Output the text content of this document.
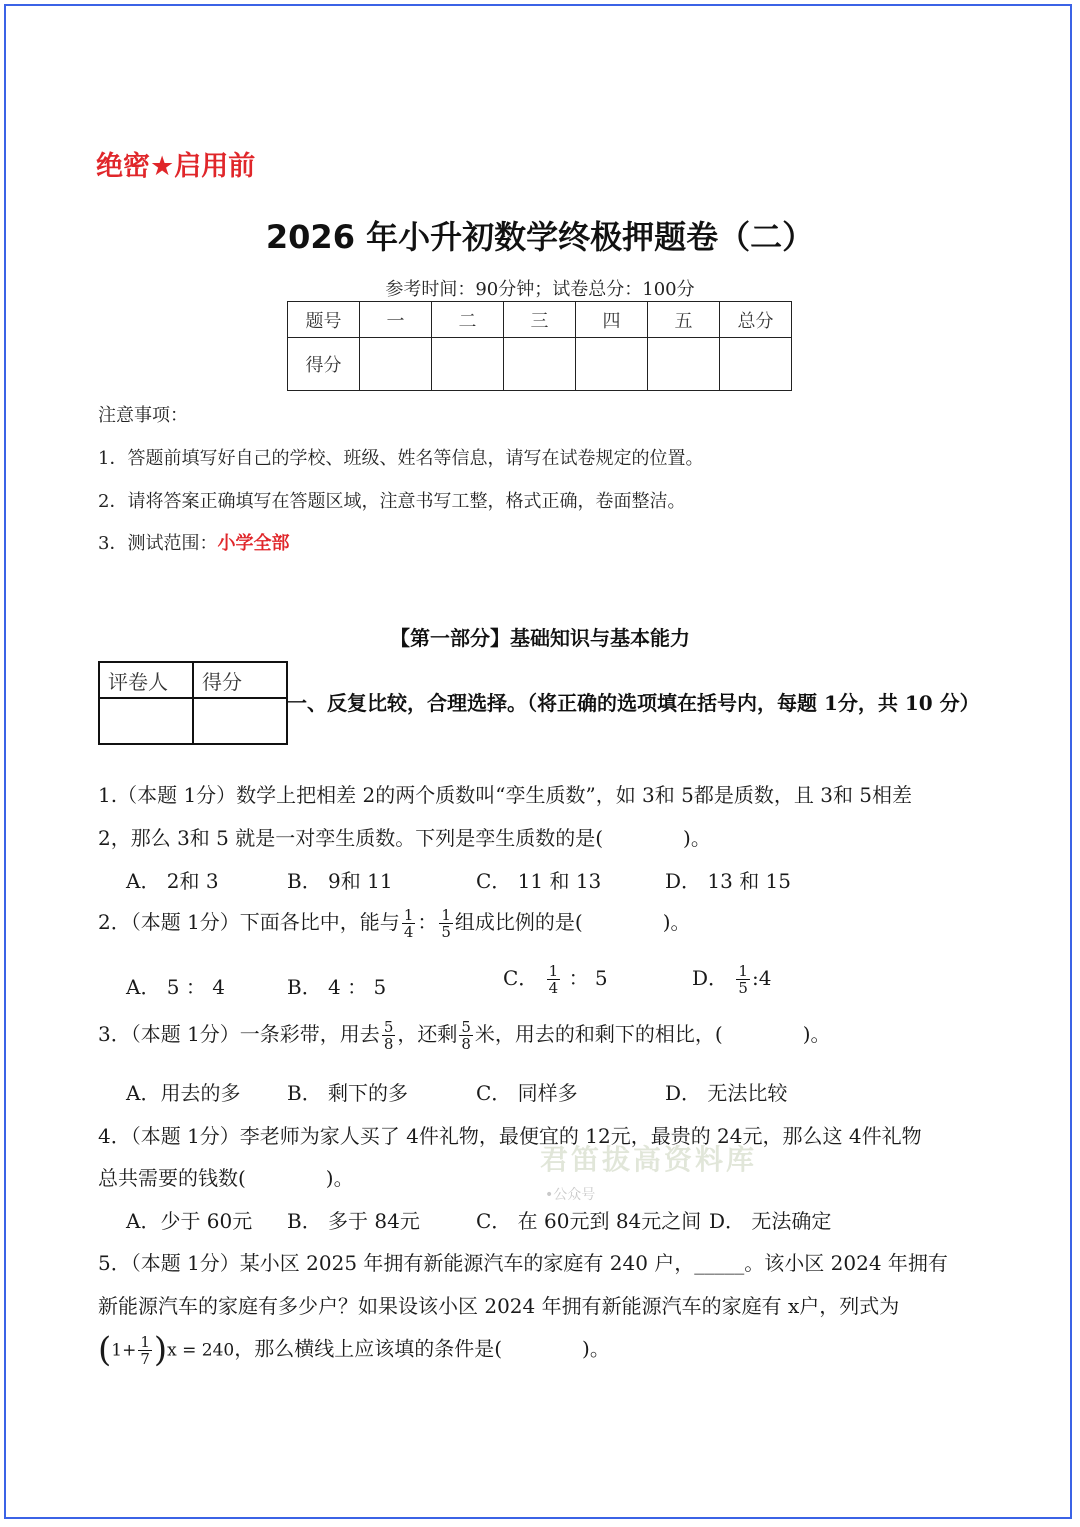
绝密★启用前
2026 年小升初数学终极押题卷（二）
参考时间：90分钟；试卷总分：100分
题号	一	二	三	四	五	总分
得分						
注意事项：
1．答题前填写好自己的学校、班级、姓名等信息，请写在试卷规定的位置。
2．请将答案正确填写在答题区域，注意书写工整，格式正确，卷面整洁。
3．测试范围：小学全部
【第一部分】基础知识与基本能力
评卷人	得分

一、反复比较，合理选择。（将正确的选项填在括号内，每题 1分，共 10 分）
1.（本题 1分）数学上把相差 2的两个质数叫“孪生质数”，如 3和 5都是质数，且 3和 5相差
2，那么 3和 5 就是一对孪生质数。下列是孪生质数的是(　　　　)。
A． 2和 3	B． 9和 11	C． 11 和 13	D． 13 和 15
2．（本题 1分）下面各比中，能与 $\frac{1}{4}$ ： $\frac{1}{5}$ 组成比例的是(　　　　)。
A． 5 ： 4	B． 4 ： 5	C． $\frac{1}{4}$ ： 5	D． $\frac{1}{5}$ :4
3．（本题 1分）一条彩带，用去 $\frac{5}{8}$ ，还剩 $\frac{5}{8}$ 米，用去的和剩下的相比，(　　　　)。
A．用去的多 B． 剩下的多	C． 同样多	D． 无法比较
君笛拔高资料库
•公众号
4．（本题 1分）李老师为家人买了 4件礼物，最便宜的 12元，最贵的 24元，那么这 4件礼物
总共需要的钱数(　　　　)。
A．少于 60元 B． 多于 84元	C． 在 60元到 84元之间 D． 无法确定
5．（本题 1分）某小区 2025 年拥有新能源汽车的家庭有 240 户，_____。该小区 2024 年拥有
新能源汽车的家庭有多少户？如果设该小区 2024 年拥有新能源汽车的家庭有 x户，列式为
$(1+ \frac{1}{7} )x = 240$，那么横线上应该填的条件是(　　　　)。
